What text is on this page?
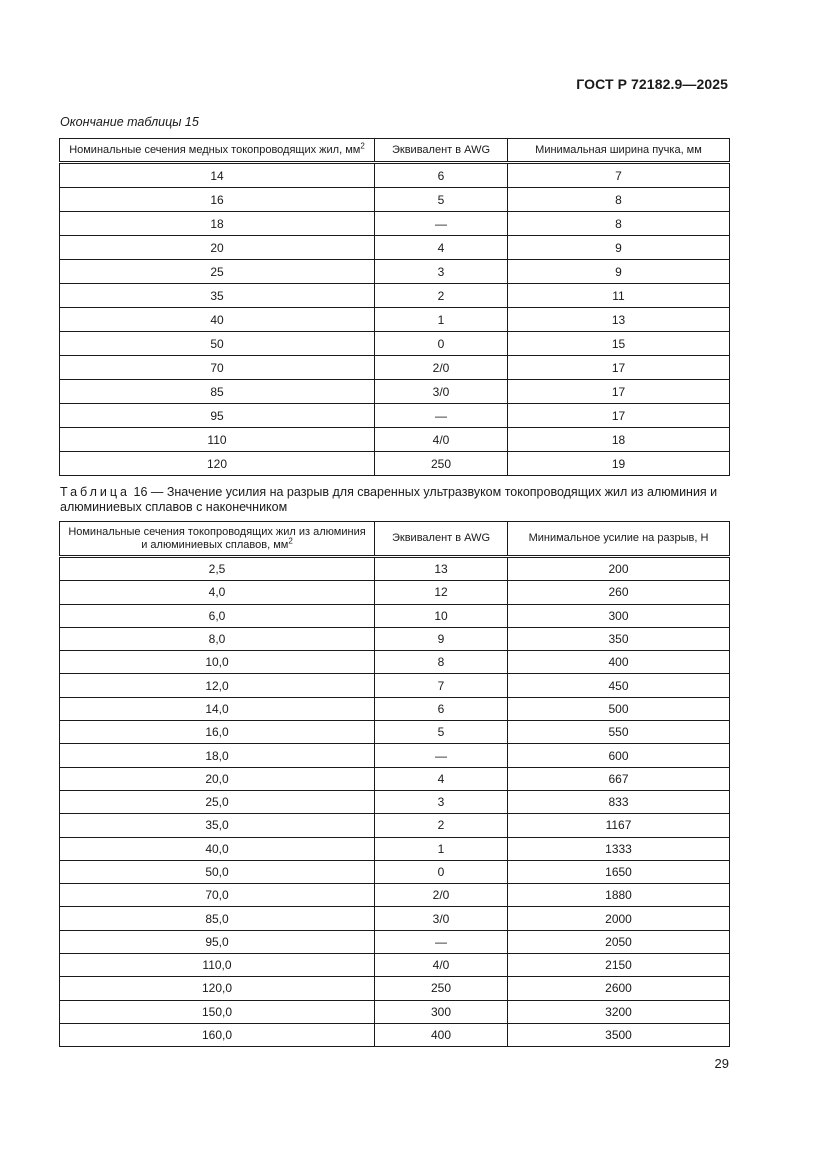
ГОСТ Р 72182.9—2025
Окончание таблицы 15
Номинальные сечения медных токопроводящих жил, $мм^2$	Эквивалент в AWG	Минимальная ширина пучка, мм
14	6	7
16	5	8
18	—	8
20	4	9
25	3	9
35	2	11
40	1	13
50	0	15
70	2/0	17
85	3/0	17
95	—	17
110	4/0	18
120	250	19
Таблица 16 — Значение усилия на разрыв для сваренных ультразвуком токопроводящих жил из алюминия и алюминиевых сплавов с наконечником
Номинальные сечения токопроводящих жил из алюминия и алюминиевых сплавов, $мм^2$	Эквивалент в AWG	Минимальное усилие на разрыв, Н
2,5	13	200
4,0	12	260
6,0	10	300
8,0	9	350
10,0	8	400
12,0	7	450
14,0	6	500
16,0	5	550
18,0	—	600
20,0	4	667
25,0	3	833
35,0	2	1167
40,0	1	1333
50,0	0	1650
70,0	2/0	1880
85,0	3/0	2000
95,0	—	2050
110,0	4/0	2150
120,0	250	2600
150,0	300	3200
160,0	400	3500
29
